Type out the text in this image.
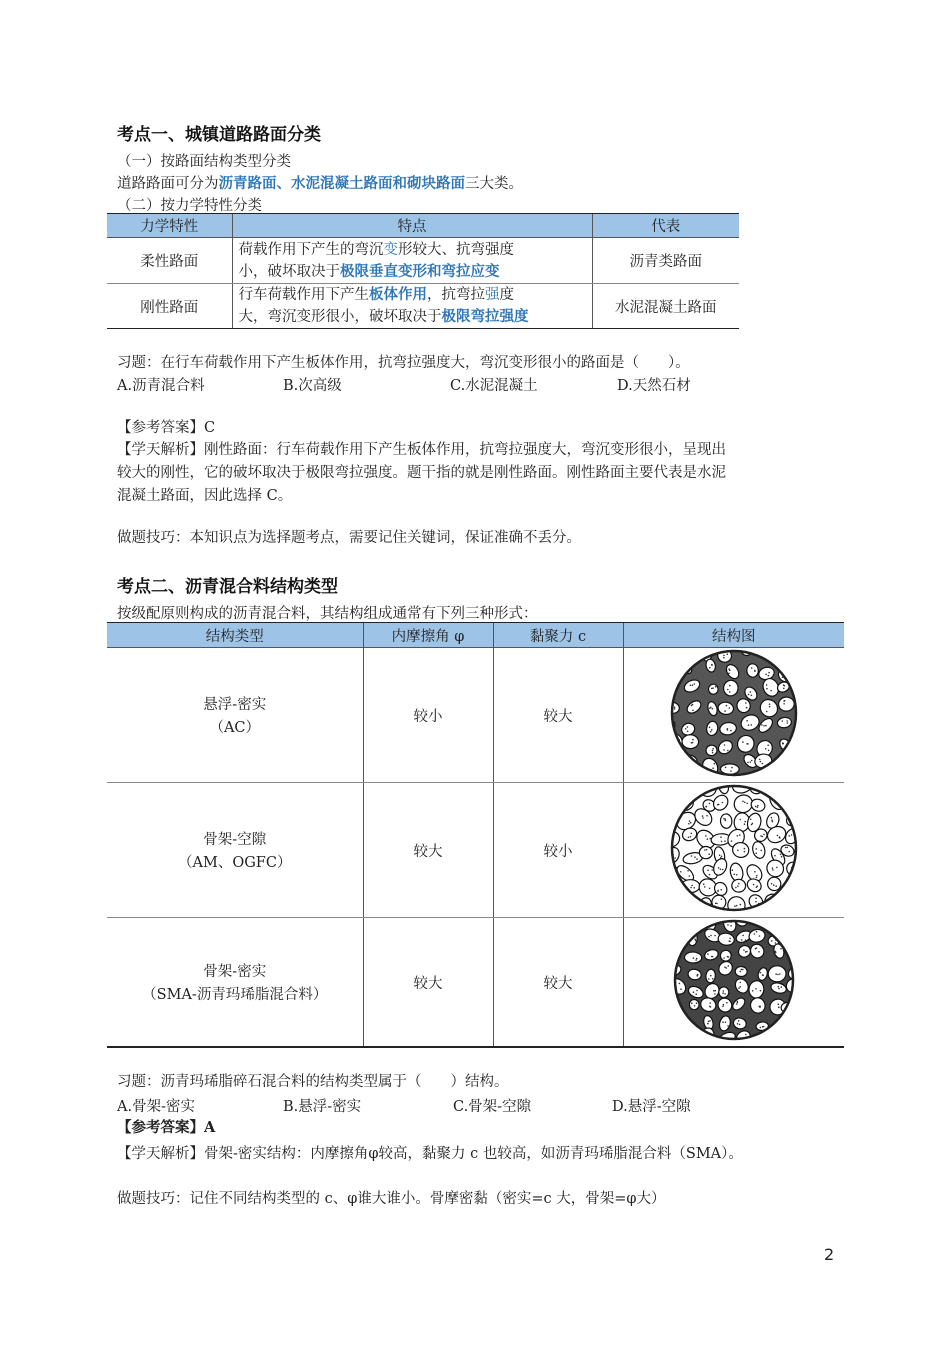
考点一、城镇道路路面分类
（一）按路面结构类型分类
道路路面可分为沥青路面、水泥混凝土路面和砌块路面三大类。
（二）按力学特性分类
力学特性	特点	代表
柔性路面	荷载作用下产生的弯沉变形较大、抗弯强度
小，破坏取决于极限垂直变形和弯拉应变	沥青类路面
刚性路面	行车荷载作用下产生板体作用，抗弯拉强度
大，弯沉变形很小，破坏取决于极限弯拉强度	水泥混凝土路面
习题：在行车荷载作用下产生板体作用，抗弯拉强度大，弯沉变形很小的路面是（　　）。
A.沥青混合料	B.次高级	C.水泥混凝土	D.天然石材
【参考答案】C
【学天解析】刚性路面：行车荷载作用下产生板体作用，抗弯拉强度大，弯沉变形很小，呈现出
较大的刚性，它的破坏取决于极限弯拉强度。题干指的就是刚性路面。刚性路面主要代表是水泥
混凝土路面，因此选择 C。
做题技巧：本知识点为选择题考点，需要记住关键词，保证准确不丢分。
考点二、沥青混合料结构类型
按级配原则构成的沥青混合料，其结构组成通常有下列三种形式：
结构类型	内摩擦角 φ	黏聚力 c	结构图
悬浮-密实
（AC）	较小	较大	
骨架-空隙
（AM、OGFC）	较大	较小	
骨架-密实
（SMA-沥青玛琋脂混合料）	较大	较大	
习题：沥青玛琋脂碎石混合料的结构类型属于（　　）结构。
A.骨架-密实	B.悬浮-密实	C.骨架-空隙	D.悬浮-空隙
【参考答案】A
【学天解析】骨架-密实结构：内摩擦角φ较高，黏聚力 c 也较高，如沥青玛琋脂混合料（SMA）。
做题技巧：记住不同结构类型的 c、φ谁大谁小。骨摩密黏（密实=c 大，骨架=φ大）
2
